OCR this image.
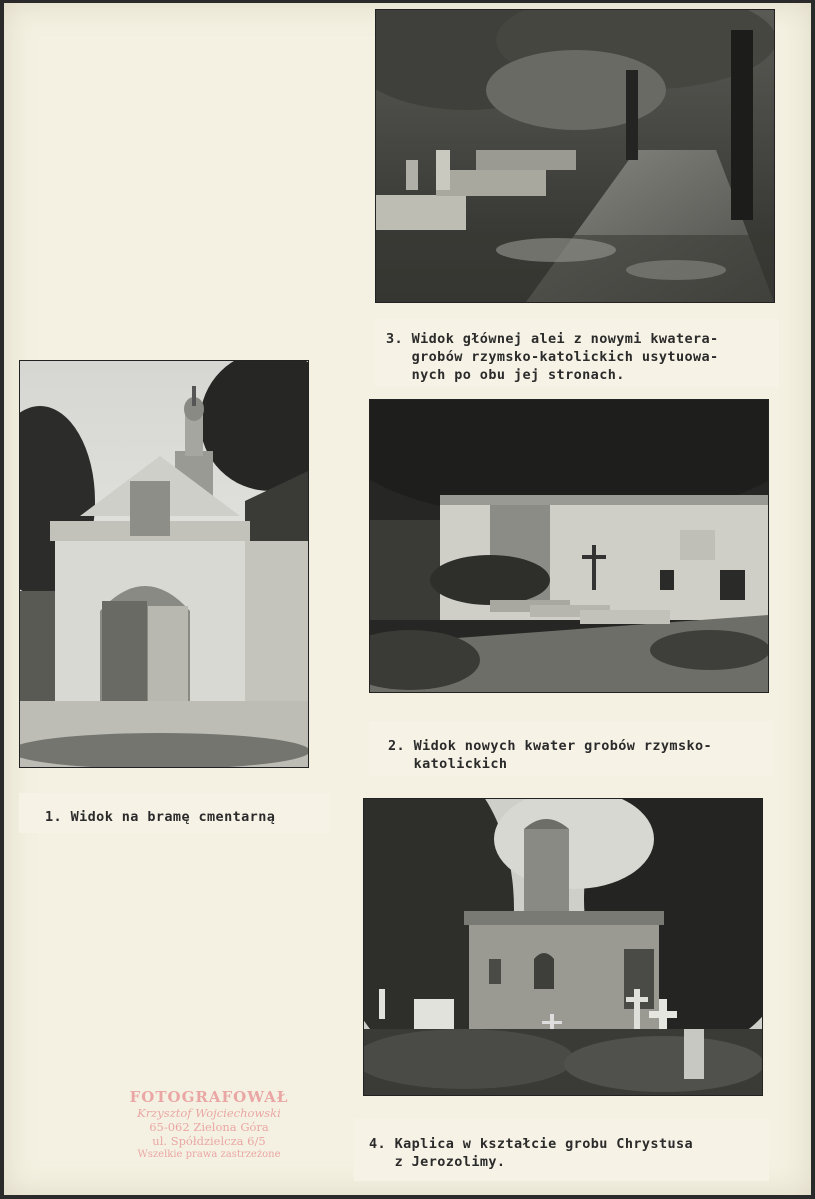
3. Widok głównej alei z nowymi kwatera-

grobów rzymsko-katolickich usytuowa-

nych po obu jej stronach.

2. Widok nowych kwater grobów rzymsko-

katolickich

1. Widok na bramę cmentarną

4. Kaplica w kształcie grobu Chrystusa

z Jerozolimy.

FOTOGRAFOWAŁ
Krzysztof Wojciechowski
65-062 Zielona Góra
ul. Spółdzielcza 6/5
Wszelkie prawa zastrzeżone
